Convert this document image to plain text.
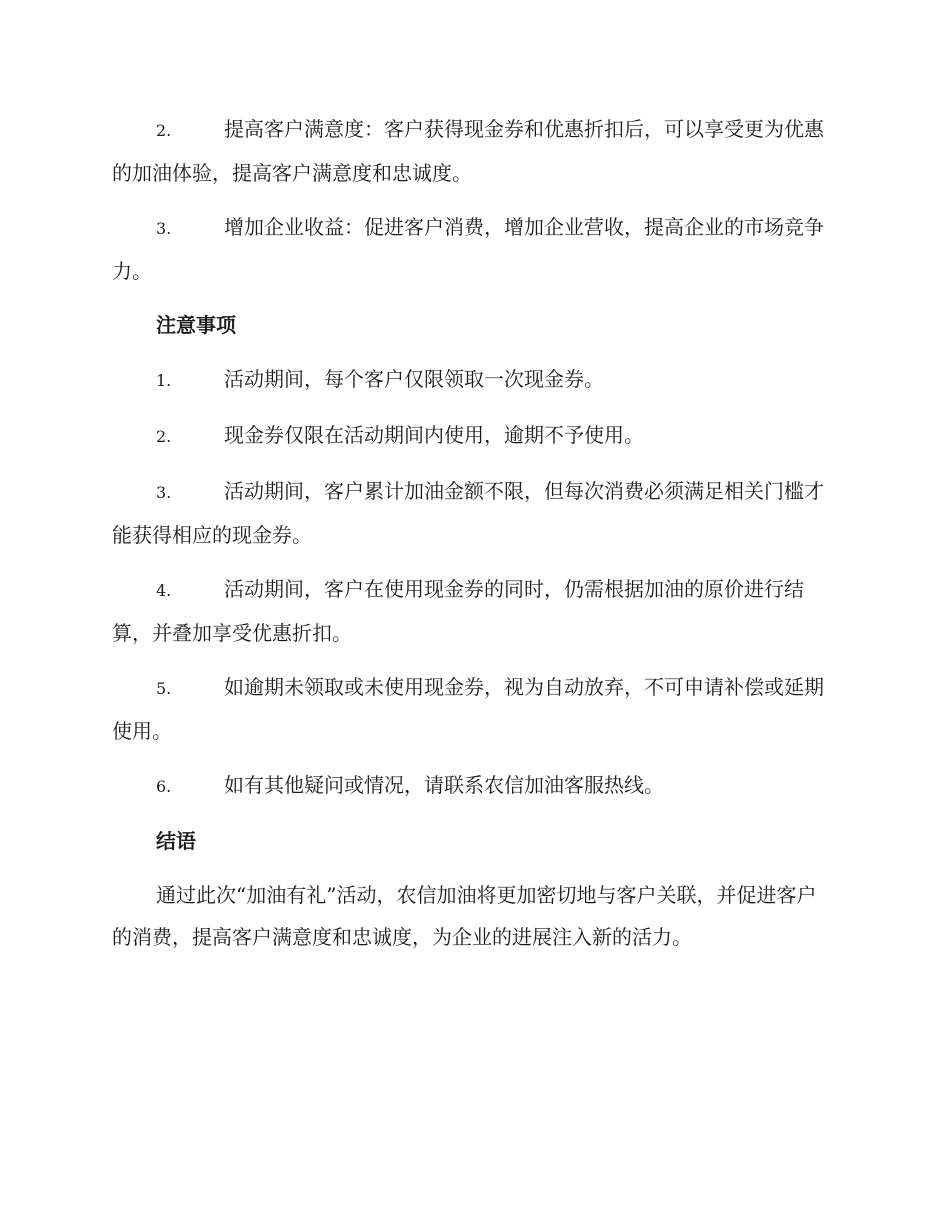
2.	提高客户满意度：客户获得现金券和优惠折扣后，可以享受更为优惠的加油体验，提高客户满意度和忠诚度。

3.	增加企业收益：促进客户消费，增加企业营收，提高企业的市场竞争力。

注意事项

1.	活动期间，每个客户仅限领取一次现金券。

2.	现金券仅限在活动期间内使用，逾期不予使用。

3.	活动期间，客户累计加油金额不限，但每次消费必须满足相关门槛才能获得相应的现金券。

4.	活动期间，客户在使用现金券的同时，仍需根据加油的原价进行结算，并叠加享受优惠折扣。

5.	如逾期未领取或未使用现金券，视为自动放弃，不可申请补偿或延期使用。

6.	如有其他疑问或情况，请联系农信加油客服热线。

结语

通过此次“加油有礼”活动，农信加油将更加密切地与客户关联，并促进客户的消费，提高客户满意度和忠诚度，为企业的进展注入新的活力。
